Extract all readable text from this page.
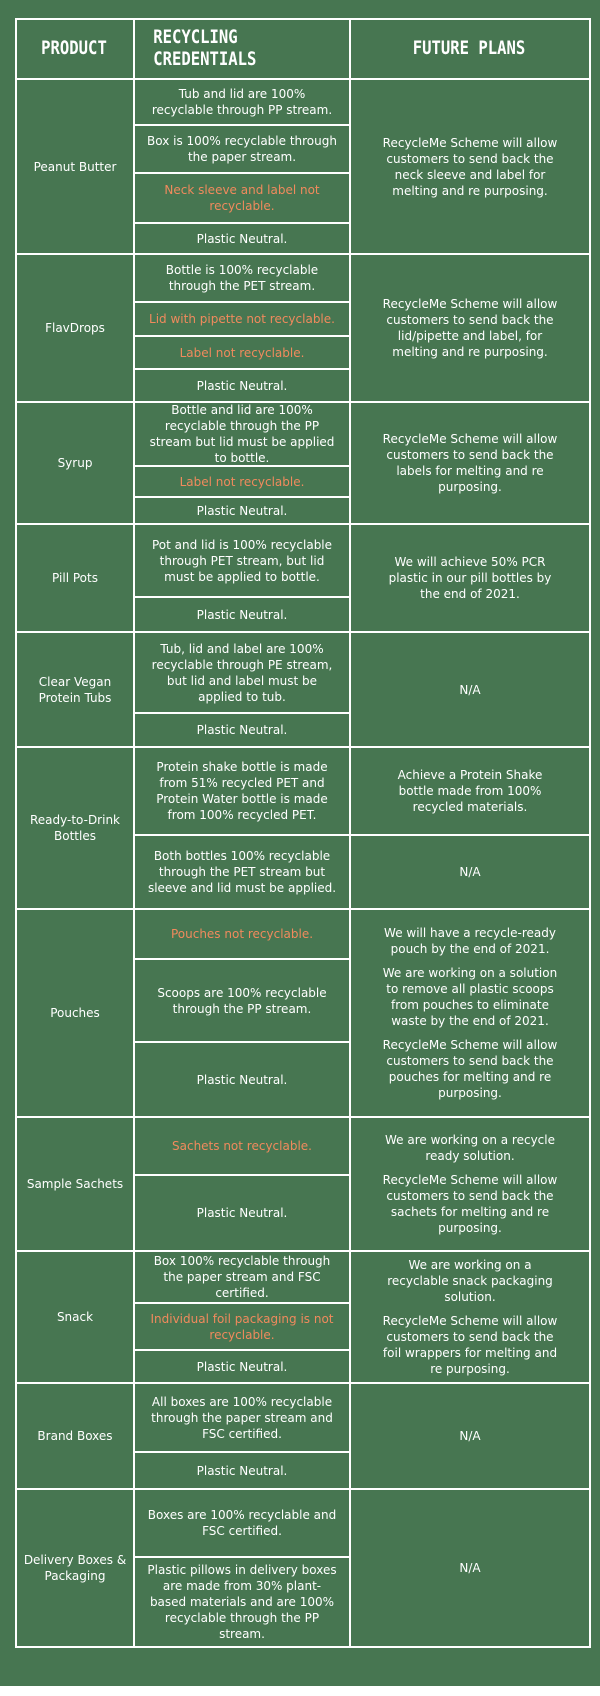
PRODUCT	RECYCLING CREDENTIALS	FUTURE PLANS
Peanut Butter
Tub and lid are 100% recyclable through PP stream.
Box is 100% recyclable through the paper stream.
Neck sleeve and label not recyclable.
Plastic Neutral.
RecycleMe Scheme will allow customers to send back the neck sleeve and label for melting and re purposing.
FlavDrops
Bottle is 100% recyclable through the PET stream.
Lid with pipette not recyclable.
Label not recyclable.
Plastic Neutral.
RecycleMe Scheme will allow customers to send back the lid/pipette and label, for melting and re purposing.
Syrup
Bottle and lid are 100% recyclable through the PP stream but lid must be applied to bottle.
Label not recyclable.
Plastic Neutral.
RecycleMe Scheme will allow customers to send back the labels for melting and re purposing.
Pill Pots
Pot and lid is 100% recyclable through PET stream, but lid must be applied to bottle.
Plastic Neutral.
We will achieve 50% PCR plastic in our pill bottles by the end of 2021.
Clear Vegan Protein Tubs
Tub, lid and label are 100% recyclable through PE stream, but lid and label must be applied to tub.
Plastic Neutral.
N/A
Ready-to-Drink Bottles
Protein shake bottle is made from 51% recycled PET and Protein Water bottle is made from 100% recycled PET.
Both bottles 100% recyclable through the PET stream but sleeve and lid must be applied.
Achieve a Protein Shake bottle made from 100% recycled materials.
N/A
Pouches
Pouches not recyclable.
Scoops are 100% recyclable through the PP stream.
Plastic Neutral.
We will have a recycle-ready pouch by the end of 2021.
We are working on a solution to remove all plastic scoops from pouches to eliminate waste by the end of 2021.
RecycleMe Scheme will allow customers to send back the pouches for melting and re purposing.
Sample Sachets
Sachets not recyclable.
Plastic Neutral.
We are working on a recycle ready solution.
RecycleMe Scheme will allow customers to send back the sachets for melting and re purposing.
Snack
Box 100% recyclable through the paper stream and FSC certified.
Individual foil packaging is not recyclable.
Plastic Neutral.
We are working on a recyclable snack packaging solution.
RecycleMe Scheme will allow customers to send back the foil wrappers for melting and re purposing.
Brand Boxes
All boxes are 100% recyclable through the paper stream and FSC certified.
Plastic Neutral.
N/A
Delivery Boxes & Packaging
Boxes are 100% recyclable and FSC certified.
Plastic pillows in delivery boxes are made from 30% plant-based materials and are 100% recyclable through the PP stream.
N/A
